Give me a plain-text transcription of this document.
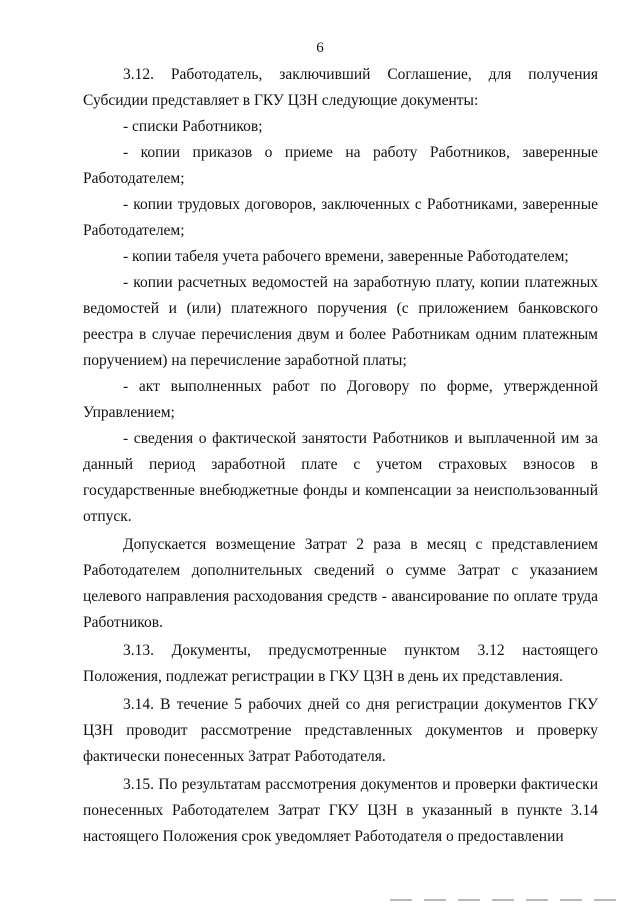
6

3.12. Работодатель, заключивший Соглашение, для получения Субсидии представляет в ГКУ ЦЗН следующие документы:

- списки Работников;

- копии приказов о приеме на работу Работников, заверенные Работодателем;

- копии трудовых договоров, заключенных с Работниками, заверенные Работодателем;

- копии табеля учета рабочего времени, заверенные Работодателем;

- копии расчетных ведомостей на заработную плату, копии платежных ведомостей и (или) платежного поручения (с приложением банковского реестра в случае перечисления двум и более Работникам одним платежным поручением) на перечисление заработной платы;

- акт выполненных работ по Договору по форме, утвержденной Управлением;

- сведения о фактической занятости Работников и выплаченной им за данный период заработной плате с учетом страховых взносов в государственные внебюджетные фонды и компенсации за неиспользованный отпуск.

Допускается возмещение Затрат 2 раза в месяц с представлением Работодателем дополнительных сведений о сумме Затрат с указанием целевого направления расходования средств - авансирование по оплате труда Работников.

3.13. Документы, предусмотренные пунктом 3.12 настоящего Положения, подлежат регистрации в ГКУ ЦЗН в день их представления.

3.14. В течение 5 рабочих дней со дня регистрации документов ГКУ ЦЗН проводит рассмотрение представленных документов и проверку фактически понесенных Затрат Работодателя.

3.15. По результатам рассмотрения документов и проверки фактически понесенных Работодателем Затрат ГКУ ЦЗН в указанный в пункте 3.14 настоящего Положения срок уведомляет Работодателя о предоставлении
